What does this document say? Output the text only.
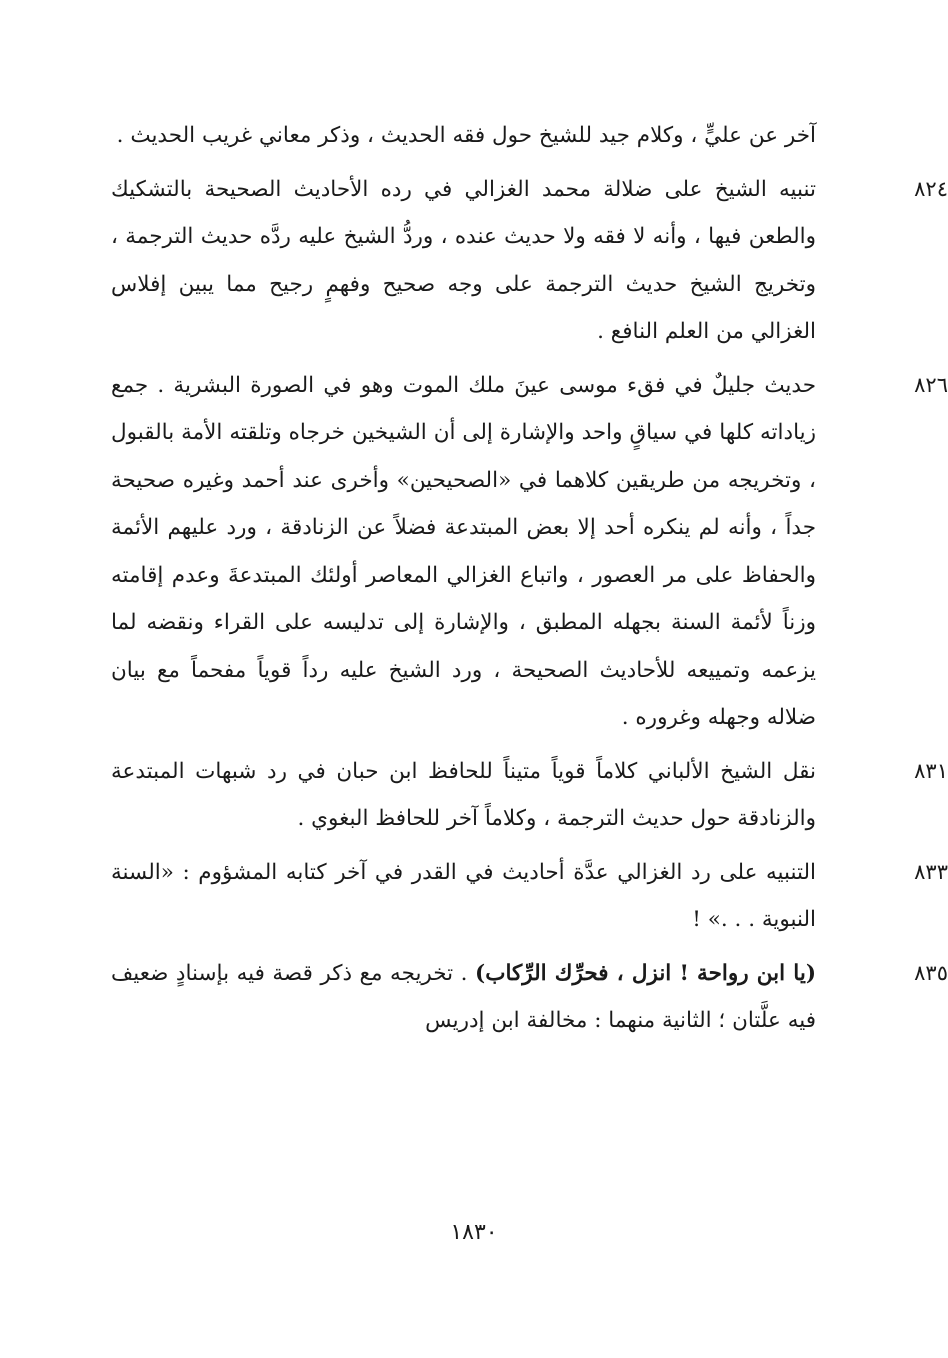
آخر عن عليٍّ ، وكلام جيد للشيخ حول فقه الحديث ، وذكر معاني غريب الحديث .
٨٢٤
تنبيه الشيخ على ضلالة محمد الغزالي في رده الأحاديث الصحيحة بالتشكيك والطعن فيها ، وأنه لا فقه ولا حديث عنده ، وردُّ الشيخ عليه ردَّه حديث الترجمة ، وتخريج الشيخ حديث الترجمة على وجه صحيح وفهمٍ رجيح مما يبين إفلاس الغزالي من العلم النافع .
٨٢٦
حديث جليلٌ في فقء موسى عينَ ملك الموت وهو في الصورة البشرية . جمع زياداته كلها في سياقٍ واحد والإشارة إلى أن الشيخين خرجاه وتلقته الأمة بالقبول ، وتخريجه من طريقين كلاهما في «الصحيحين» وأخرى عند أحمد وغيره صحيحة جداً ، وأنه لم ينكره أحد إلا بعض المبتدعة فضلاً عن الزنادقة ، ورد عليهم الأئمة والحفاظ على مر العصور ، واتباع الغزالي المعاصر أولئك المبتدعةَ وعدم إقامته وزناً لأئمة السنة بجهله المطبق ، والإشارة إلى تدليسه على القراء ونقضه لما يزعمه وتمييعه للأحاديث الصحيحة ، ورد الشيخ عليه رداً قوياً مفحماً مع بيان ضلاله وجهله وغروره .
٨٣١
نقل الشيخ الألباني كلاماً قوياً متيناً للحافظ ابن حبان في رد شبهات المبتدعة والزنادقة حول حديث الترجمة ، وكلاماً آخر للحافظ البغوي .
٨٣٣
التنبيه على رد الغزالي عدَّة أحاديث في القدر في آخر كتابه المشؤوم : «السنة النبوية . . .» !
٨٣٥
(يا ابن رواحة ! انزل ، فحرِّك الرِّكاب) . تخريجه مع ذكر قصة فيه بإسنادٍ ضعيف فيه علَّتان ؛ الثانية منهما : مخالفة ابن إدريس
١٨٣٠
